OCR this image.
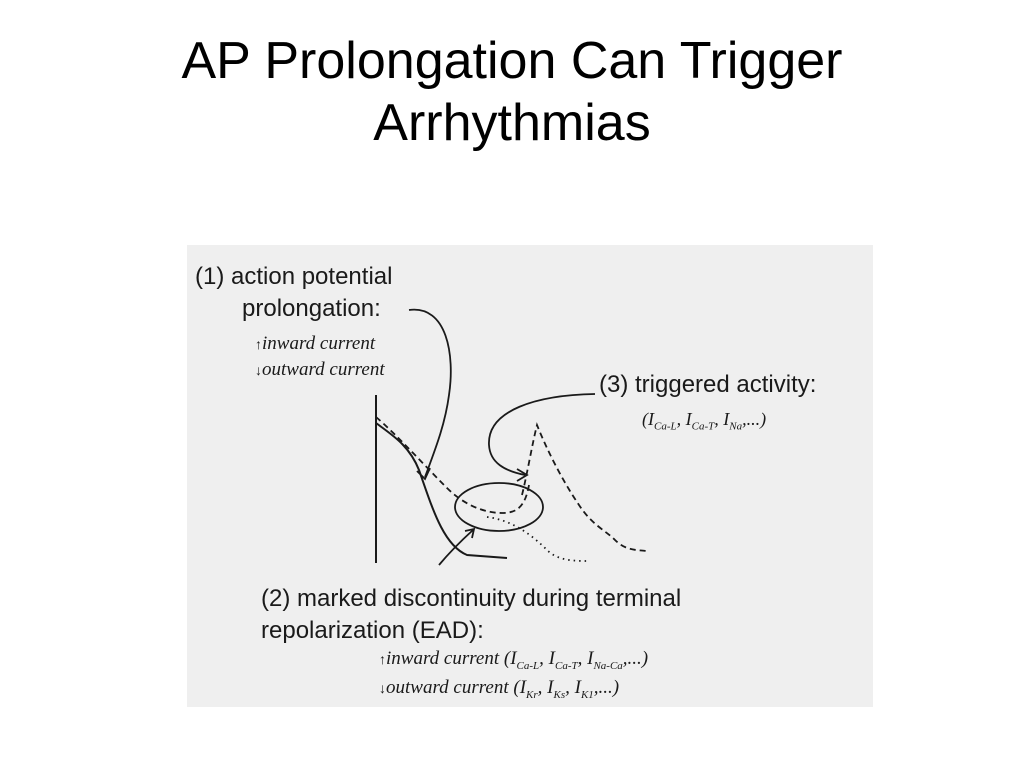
AP Prolongation Can Trigger
Arrhythmias
(1) action potential
prolongation:
↑inward current
↓outward current
(3) triggered activity:
($I_{Ca-L}$, $I_{Ca-T}$, $I_{Na}$,...)
(2) marked discontinuity during terminal
repolarization (EAD):
↑inward current ($I_{Ca-L}$, $I_{Ca-T}$, $I_{Na-Ca}$,...)
↓outward current ($I_{Kr}$, $I_{Ks}$, $I_{K1}$,...)
